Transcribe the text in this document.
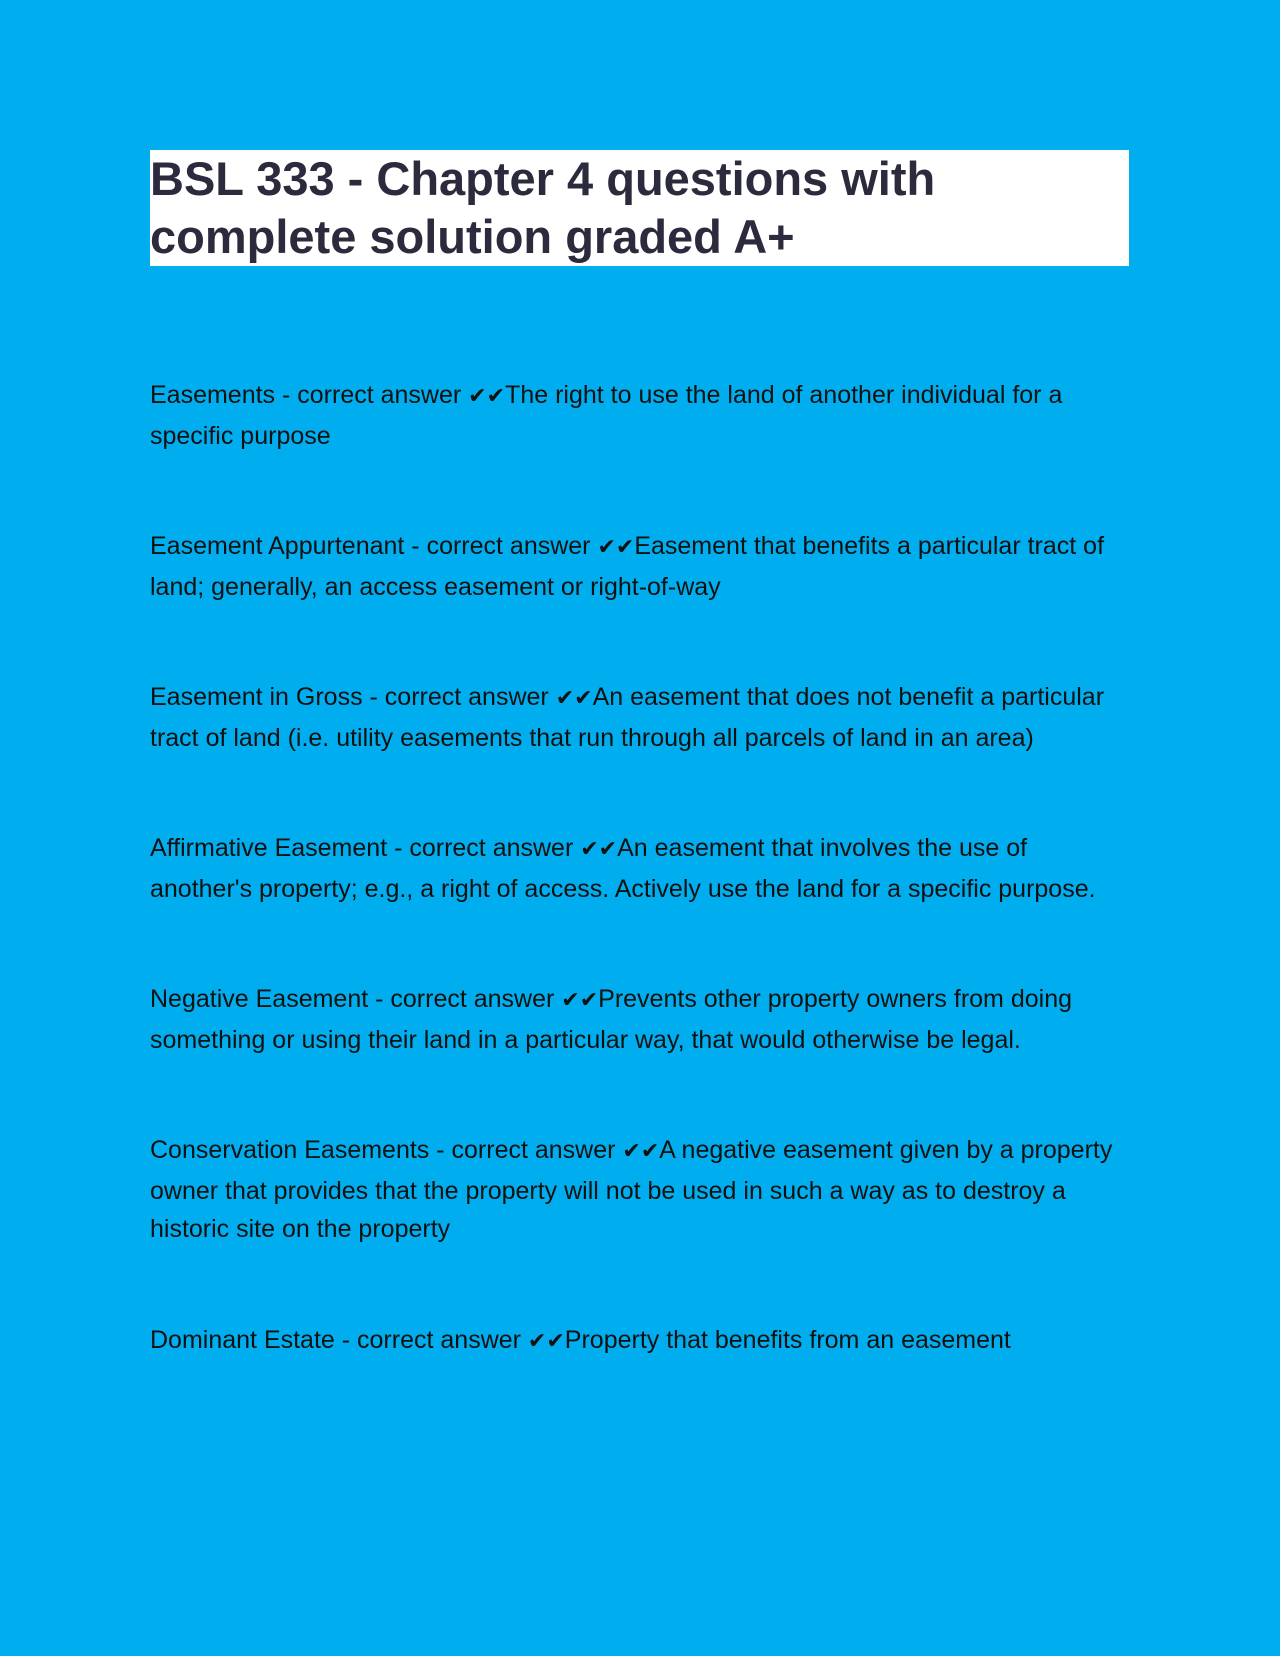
BSL 333 - Chapter 4 questions with complete solution graded A+

Easements - correct answer ✔✔The right to use the land of another individual for a specific purpose

Easement Appurtenant - correct answer ✔✔Easement that benefits a particular tract of land; generally, an access easement or right-of-way

Easement in Gross - correct answer ✔✔An easement that does not benefit a particular tract of land (i.e. utility easements that run through all parcels of land in an area)

Affirmative Easement - correct answer ✔✔An easement that involves the use of another's property; e.g., a right of access. Actively use the land for a specific purpose.

Negative Easement - correct answer ✔✔Prevents other property owners from doing something or using their land in a particular way, that would otherwise be legal.

Conservation Easements - correct answer ✔✔A negative easement given by a property owner that provides that the property will not be used in such a way as to destroy a historic site on the property

Dominant Estate - correct answer ✔✔Property that benefits from an easement
